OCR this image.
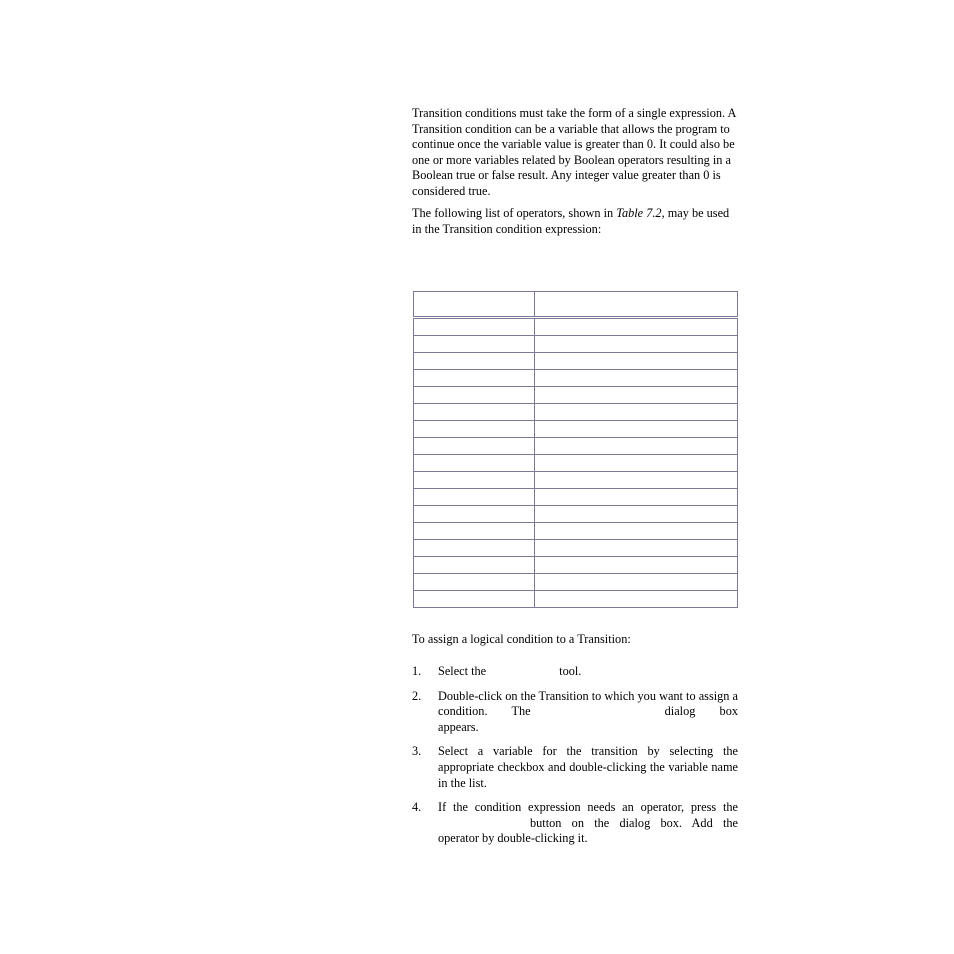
Transition conditions must take the form of a single expression. A Transition condition can be a variable that allows the program to continue once the variable value is greater than 0. It could also be one or more variables related by Boolean operators resulting in a Boolean true or false result. Any integer value greater than 0 is considered true.

The following list of operators, shown in Table 7.2, may be used in the Transition condition expression:

To assign a logical condition to a Transition:

1. Select the	tool.
2. Double-click on the Transition to which you want to assign a condition. The	dialog box appears.
3. Select a variable for the transition by selecting the appropriate checkbox and double-clicking the variable name in the list.
4. If the condition expression needs an operator, press thebutton on the dialog box. Add the operator by double-clicking it.
